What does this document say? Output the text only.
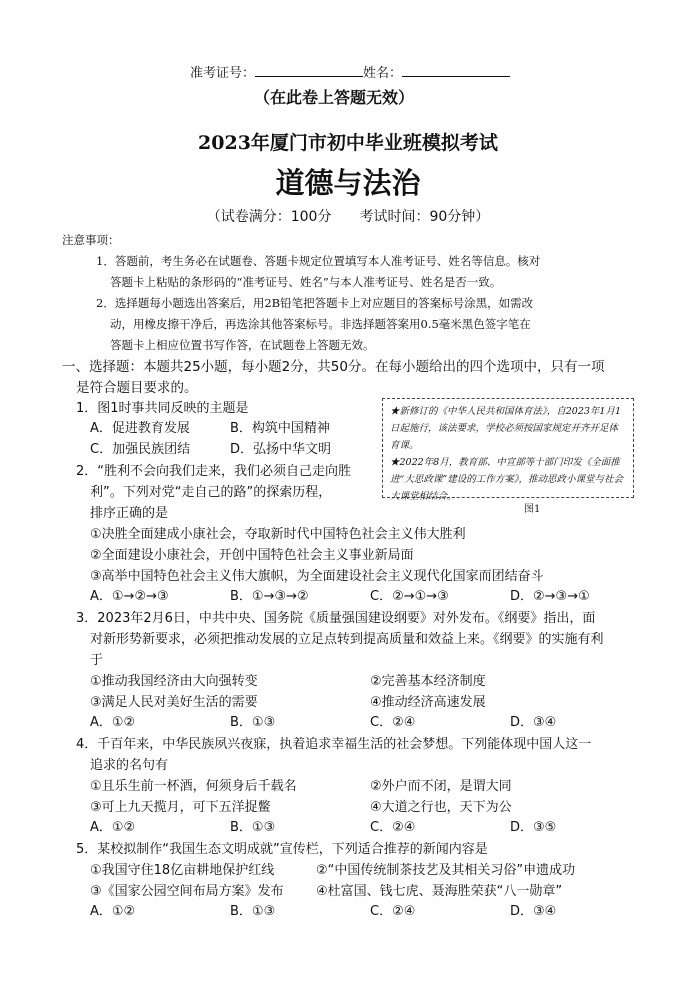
准考证号：	姓名：
（在此卷上答题无效）
2023年厦门市初中毕业班模拟考试
道德与法治
（试卷满分：100分　　考试时间：90分钟）
注意事项：
1．答题前，考生务必在试题卷、答题卡规定位置填写本人准考证号、姓名等信息。核对
答题卡上粘贴的条形码的“准考证号、姓名”与本人准考证号、姓名是否一致。
2．选择题每小题选出答案后，用2B铅笔把答题卡上对应题目的答案标号涂黑，如需改
动，用橡皮擦干净后，再选涂其他答案标号。非选择题答案用0.5毫米黑色签字笔在
答题卡上相应位置书写作答，在试题卷上答题无效。
一、选择题：本题共25小题，每小题2分，共50分。在每小题给出的四个选项中，只有一项
是符合题目要求的。

★新修订的《中华人民共和国体育法》，自2023年1月1日起施行，该法要求，学校必须按国家规定开齐开足体育课。

★2022年8月，教育部、中宣部等十部门印发《全面推进“大思政课”建设的工作方案》，推动思政小课堂与社会大课堂相结合。

图1
1．图1时事共同反映的主题是
A．促进教育发展	B．构筑中国精神
C．加强民族团结	D．弘扬中华文明
2．“胜利不会向我们走来，我们必须自己走向胜
利”。下列对党“走自己的路”的探索历程，
排序正确的是
①决胜全面建成小康社会，夺取新时代中国特色社会主义伟大胜利
②全面建设小康社会，开创中国特色社会主义事业新局面
③高举中国特色社会主义伟大旗帜，为全面建设社会主义现代化国家而团结奋斗
A．①→②→③	B．①→③→②	C．②→①→③	D．②→③→①
3．2023年2月6日，中共中央、国务院《质量强国建设纲要》对外发布。《纲要》指出，面
对新形势新要求，必须把推动发展的立足点转到提高质量和效益上来。《纲要》的实施有利
于
①推动我国经济由大向强转变	②完善基本经济制度
③满足人民对美好生活的需要	④推动经济高速发展
A．①②	B．①③	C．②④	D．③④
4．千百年来，中华民族夙兴夜寐，执着追求幸福生活的社会梦想。下列能体现中国人这一
追求的名句有
①且乐生前一杯酒，何须身后千载名	②外户而不闭，是谓大同
③可上九天揽月，可下五洋捉鳖	④大道之行也，天下为公
A．①②	B．①③	C．②④	D．③⑤
5．某校拟制作“我国生态文明成就”宣传栏，下列适合推荐的新闻内容是
①我国守住18亿亩耕地保护红线	②“中国传统制茶技艺及其相关习俗”申遗成功
③《国家公园空间布局方案》发布 ④杜富国、钱七虎、聂海胜荣获“八一勋章”
A．①②	B．①③	C．②④	D．③④
